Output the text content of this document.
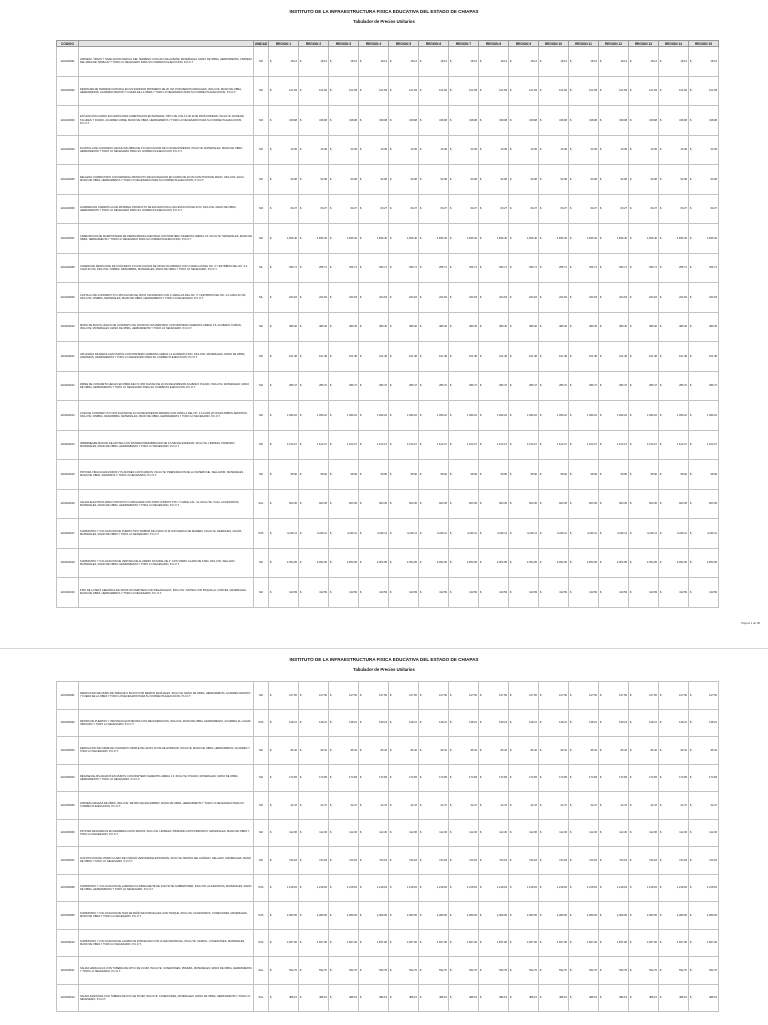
INSTITUTO DE LA INFRAESTRUCTURA FISICA EDUCATIVA DEL ESTADO DE CHIAPAS
Tabulador de Precios Unitarios
CODIGO		UNIDAD	REGION 1	REGION 2	REGION 3	REGION 4	REGION 5	REGION 6	REGION 7	REGION 8	REGION 9	REGION 10	REGION 11	REGION 12	REGION 13	REGION 14	REGION 15
1101020001	LIMPIEZA, TRAZO Y NIVELACION MANUAL DEL TERRENO CON HILO DE ALBAÑIL MATERIALES, MANO DE OBRA, HERRAMIENTA, LIMPIEZA DEL AREA DE TRABAJO Y TODO LO NECESARIO PARA SU CORRECTA EJECUCION, P.U.O.T.	M2	$ 18.14	$ 18.14	$ 18.14	$ 18.14	$ 18.14	$ 18.14	$ 18.14	$ 18.14	$ 18.14	$ 18.14	$ 18.14	$ 18.14	$ 18.14	$ 18.14	$ 18.14
1101020002	DESPALME DE TERRENO NATURAL EN UN ESPESOR PROMEDIO DE 20 CM, POR MEDIOS MANUALES. INCLUYE: MANO DE OBRA, HERRAMIENTA, ACARREO DENTRO Y FUERA DE LA OBRA Y TODO LO NECESARIO PARA SU CORRECTA EJECUCION, P.U.O.T.	M2	$ 121.69	$ 121.69	$ 121.69	$ 121.69	$ 121.69	$ 121.69	$ 121.69	$ 121.69	$ 121.69	$ 121.69	$ 121.69	$ 121.69	$ 121.69	$ 121.69	$ 121.69
1101020003	EXCAVACION A MANO EN CEPAS PARA CIMENTACION EN MATERIAL TIPO I DE 0.00 A 2.00 M DE PROFUNDIDAD, INCLUYE: AFINE DE TALUDES Y FONDO, ACARREO LIBRE, MANO DE OBRA, HERRAMIENTA Y TODO LO NECESARIO PARA SU CORRECTA EJECUCION, P.U.O.T.	M3	$ 318.98	$ 318.98	$ 318.98	$ 318.98	$ 318.98	$ 318.98	$ 318.98	$ 318.98	$ 318.98	$ 318.98	$ 318.98	$ 318.98	$ 318.98	$ 318.98	$ 318.98
1101020004	PLANTILLA DE CONCRETO HECHO EN OBRA DE F'C=100 KG/CM2 DE 5 CM DE ESPESOR, INCLUYE: MATERIALES, MANO DE OBRA, HERRAMIENTA Y TODO LO NECESARIO PARA SU CORRECTA EJECUCION, P.U.O.T.	M2	$ 43.39	$ 43.39	$ 43.39	$ 43.39	$ 43.39	$ 43.39	$ 43.39	$ 43.39	$ 43.39	$ 43.39	$ 43.39	$ 43.39	$ 43.39	$ 43.39	$ 43.39
1101020005	RELLENO COMPACTADO CON MATERIAL PRODUCTO DE EXCAVACION EN CAPAS DE 20 CM CON PISON DE MANO, INCLUYE: AGUA, MANO DE OBRA, HERRAMIENTA Y TODO LO NECESARIO PARA SU CORRECTA EJECUCION, P.U.O.T.	M3	$ 94.08	$ 94.08	$ 94.08	$ 94.08	$ 94.08	$ 94.08	$ 94.08	$ 94.08	$ 94.08	$ 94.08	$ 94.08	$ 94.08	$ 94.08	$ 94.08	$ 94.08
1101020006	ACARREO EN CARRETILLA DE MATERIAL PRODUCTO DE EXCAVACION A UNA ESTACION DE 20 M, INCLUYE: MANO DE OBRA, HERRAMIENTA Y TODO LO NECESARIO PARA SU CORRECTA EJECUCION, P.U.O.T.	M3	$ 60.27	$ 60.27	$ 60.27	$ 60.27	$ 60.27	$ 60.27	$ 60.27	$ 60.27	$ 60.27	$ 60.27	$ 60.27	$ 60.27	$ 60.27	$ 60.27	$ 60.27
1101020007	CIMENTACION DE MAMPOSTERIA DE PIEDRA BRAZA ASENTADA CON MORTERO CEMENTO-ARENA 1:5, INCLUYE: MATERIALES, MANO DE OBRA, HERRAMIENTA Y TODO LO NECESARIO PARA SU CORRECTA EJECUCION, P.U.O.T.	M3	$ 1,835.46	$ 1,835.46	$ 1,835.46	$ 1,835.46	$ 1,835.46	$ 1,835.46	$ 1,835.46	$ 1,835.46	$ 1,835.46	$ 1,835.46	$ 1,835.46	$ 1,835.46	$ 1,835.46	$ 1,835.46	$ 1,835.46
1101020008	CADENA DE DESPLANTE DE CONCRETO F'C=200 KG/CM2 DE 15X20 CM ARMADA CON 4 VARILLAS DEL NO. 3 Y ESTRIBOS DEL NO. 2 A CADA 20 CM, INCLUYE: CIMBRA, DESCIMBRA, MATERIALES, MANO DE OBRA Y TODO LO NECESARIO, P.U.O.T.	ML	$ 256.71	$ 256.71	$ 256.71	$ 256.71	$ 256.71	$ 256.71	$ 256.71	$ 256.71	$ 256.71	$ 256.71	$ 256.71	$ 256.71	$ 256.71	$ 256.71	$ 256.71
1101020009	CASTILLO DE CONCRETO F'C=150 KG/CM2 DE 15X15 CM ARMADO CON 4 VARILLAS DEL NO. 3 Y ESTRIBOS DEL NO. 2 A CADA 20 CM, INCLUYE: CIMBRA, MATERIALES, MANO DE OBRA, HERRAMIENTA Y TODO LO NECESARIO, P.U.O.T.	ML	$ 224.63	$ 224.63	$ 224.63	$ 224.63	$ 224.63	$ 224.63	$ 224.63	$ 224.63	$ 224.63	$ 224.63	$ 224.63	$ 224.63	$ 224.63	$ 224.63	$ 224.63
1101020010	MURO DE BLOCK HUECO DE CONCRETO DE 15X20X40 CM ASENTADO CON MORTERO CEMENTO-ARENA 1:5, ACABADO COMUN, INCLUYE: MATERIALES, MANO DE OBRA, HERRAMIENTA Y TODO LO NECESARIO, P.U.O.T.	M2	$ 389.40	$ 389.40	$ 389.40	$ 389.40	$ 389.40	$ 389.40	$ 389.40	$ 389.40	$ 389.40	$ 389.40	$ 389.40	$ 389.40	$ 389.40	$ 389.40	$ 389.40
1101020011	APLANADO DE MEZCLA EN MUROS CON MORTERO CEMENTO-ARENA 1:4 ACABADO FINO, INCLUYE: MATERIALES, MANO DE OBRA, ANDAMIOS, HERRAMIENTA Y TODO LO NECESARIO PARA SU CORRECTA EJECUCION, P.U.O.T.	M2	$ 161.48	$ 161.48	$ 161.48	$ 161.48	$ 161.48	$ 161.48	$ 161.48	$ 161.48	$ 161.48	$ 161.48	$ 161.48	$ 161.48	$ 161.48	$ 161.48	$ 161.48
1101020012	FIRME DE CONCRETO HECHO EN OBRA DE F'C=150 KG/CM2 DE 10 CM DE ESPESOR ACABADO PULIDO, INCLUYE: MATERIALES, MANO DE OBRA, HERRAMIENTA Y TODO LO NECESARIO PARA SU CORRECTA EJECUCION, P.U.O.T.	M2	$ 286.47	$ 286.47	$ 286.47	$ 286.47	$ 286.47	$ 286.47	$ 286.47	$ 286.47	$ 286.47	$ 286.47	$ 286.47	$ 286.47	$ 286.47	$ 286.47	$ 286.47
1101020013	LOSA DE CONCRETO F'C=200 KG/CM2 DE 10 CM DE ESPESOR ARMADA CON VARILLA DEL NO. 3 A CADA 20 CM EN AMBOS SENTIDOS, INCLUYE: CIMBRA, DESCIMBRA, MATERIALES, MANO DE OBRA, HERRAMIENTA Y TODO LO NECESARIO, P.U.O.T.	M2	$ 1,096.22	$ 1,096.22	$ 1,096.22	$ 1,096.22	$ 1,096.22	$ 1,096.22	$ 1,096.22	$ 1,096.22	$ 1,096.22	$ 1,096.22	$ 1,096.22	$ 1,096.22	$ 1,096.22	$ 1,096.22	$ 1,096.22
1101020014	IMPERMEABILIZACION DE AZOTEA CON SISTEMA PREFABRICADO DE 3.5 MM DE ESPESOR, INCLUYE: LIMPIEZA, PRIMARIO, MATERIALES, MANO DE OBRA, HERRAMIENTA Y TODO LO NECESARIO, P.U.O.T.	M2	$ 1,614.27	$ 1,614.27	$ 1,614.27	$ 1,614.27	$ 1,614.27	$ 1,614.27	$ 1,614.27	$ 1,614.27	$ 1,614.27	$ 1,614.27	$ 1,614.27	$ 1,614.27	$ 1,614.27	$ 1,614.27	$ 1,614.27
1101020015	PINTURA VINILICA EN MUROS Y PLAFONES A DOS MANOS, INCLUYE: PREPARACION DE LA SUPERFICIE, SELLADOR, MATERIALES, MANO DE OBRA, ANDAMIOS Y TODO LO NECESARIO, P.U.O.T.	M2	$ 58.96	$ 58.96	$ 58.96	$ 58.96	$ 58.96	$ 58.96	$ 58.96	$ 58.96	$ 58.96	$ 58.96	$ 58.96	$ 58.96	$ 58.96	$ 58.96	$ 58.96
1101020016	SALIDA ELECTRICA PARA CONTACTO O APAGADOR CON TUBO CONDUIT PVC Y CABLE CAL. 12, INCLUYE: CAJA, ACCESORIOS, MATERIALES, MANO DE OBRA, HERRAMIENTA Y TODO LO NECESARIO, P.U.O.T.	SAL	$ 603.35	$ 603.35	$ 603.35	$ 603.35	$ 603.35	$ 603.35	$ 603.35	$ 603.35	$ 603.35	$ 603.35	$ 603.35	$ 603.35	$ 603.35	$ 603.35	$ 603.35
1101020017	SUMINISTRO Y COLOCACION DE PUERTA TIPO TAMBOR DE 0.90X2.10 M CON MARCO DE MADERA, INCLUYE: HERRAJES, CHAPA, MATERIALES, MANO DE OBRA Y TODO LO NECESARIO, P.U.O.T.	PZA	$ 3,246.11	$ 3,246.11	$ 3,246.11	$ 3,246.11	$ 3,246.11	$ 3,246.11	$ 3,246.11	$ 3,246.11	$ 3,246.11	$ 3,246.11	$ 3,246.11	$ 3,246.11	$ 3,246.11	$ 3,246.11	$ 3,246.11
1101020018	SUMINISTRO Y COLOCACION DE VENTANA DE ALUMINIO NATURAL DE 2" CON VIDRIO CLARO DE 6 MM, INCLUYE: SELLADO, MATERIALES, MANO DE OBRA, HERRAMIENTA Y TODO LO NECESARIO, P.U.O.T.	M2	$ 2,054.95	$ 2,054.95	$ 2,054.95	$ 2,054.95	$ 2,054.95	$ 2,054.95	$ 2,054.95	$ 2,054.95	$ 2,054.95	$ 2,054.95	$ 2,054.95	$ 2,054.95	$ 2,054.95	$ 2,054.95	$ 2,054.95
1101020019	PISO DE LOSETA CERAMICA DE 33X33 CM ASENTADA CON PEGAZULEJO, INCLUYE: JUNTEO CON BOQUILLA, CORTES, MATERIALES, MANO DE OBRA, HERRAMIENTA Y TODO LO NECESARIO, P.U.O.T.	M2	$ 413.59	$ 413.59	$ 413.59	$ 413.59	$ 413.59	$ 413.59	$ 413.59	$ 413.59	$ 413.59	$ 413.59	$ 413.59	$ 413.59	$ 413.59	$ 413.59	$ 413.59
Página 1 de 98
INSTITUTO DE LA INFRAESTRUCTURA FISICA EDUCATIVA DEL ESTADO DE CHIAPAS
Tabulador de Precios Unitarios
1101030001	DEMOLICION DE MURO DE TABIQUE O BLOCK POR MEDIOS MANUALES, INCLUYE: MANO DE OBRA, HERRAMIENTA, ACARREO DENTRO Y FUERA DE LA OBRA Y TODO LO NECESARIO PARA SU CORRECTA EJECUCION, P.U.O.T.	M2	$ 127.56	$ 127.56	$ 127.56	$ 127.56	$ 127.56	$ 127.56	$ 127.56	$ 127.56	$ 127.56	$ 127.56	$ 127.56	$ 127.56	$ 127.56	$ 127.56	$ 127.56
1101030002	RETIRO DE PUERTAS Y VENTANAS EXISTENTES CON RECUPERACION, INCLUYE: MANO DE OBRA, HERRAMIENTA, ACARREO AL LUGAR INDICADO Y TODO LO NECESARIO, P.U.O.T.	PZA	$ 148.21	$ 148.21	$ 148.21	$ 148.21	$ 148.21	$ 148.21	$ 148.21	$ 148.21	$ 148.21	$ 148.21	$ 148.21	$ 148.21	$ 148.21	$ 148.21	$ 148.21
1101030003	DEMOLICION DE FIRME DE CONCRETO SIMPLE DE HASTA 10 CM DE ESPESOR, INCLUYE: MANO DE OBRA, HERRAMIENTA, ACARREO Y TODO LO NECESARIO, P.U.O.T.	M2	$ 96.42	$ 96.42	$ 96.42	$ 96.42	$ 96.42	$ 96.42	$ 96.42	$ 96.42	$ 96.42	$ 96.42	$ 96.42	$ 96.42	$ 96.42	$ 96.42	$ 96.42
1101030004	RESANE DE APLANADOS EN MUROS CON MORTERO CEMENTO-ARENA 1:4, INCLUYE: PICADO, MATERIALES, MANO DE OBRA, HERRAMIENTA Y TODO LO NECESARIO, P.U.O.T.	M2	$ 174.83	$ 174.83	$ 174.83	$ 174.83	$ 174.83	$ 174.83	$ 174.83	$ 174.83	$ 174.83	$ 174.83	$ 174.83	$ 174.83	$ 174.83	$ 174.83	$ 174.83
1101030005	LIMPIEZA GRUESA DE OBRA, INCLUYE: RETIRO DE ESCOMBRO, MANO DE OBRA, HERRAMIENTA Y TODO LO NECESARIO PARA SU CORRECTA EJECUCION, P.U.O.T.	M2	$ 22.47	$ 22.47	$ 22.47	$ 22.47	$ 22.47	$ 22.47	$ 22.47	$ 22.47	$ 22.47	$ 22.47	$ 22.47	$ 22.47	$ 22.47	$ 22.47	$ 22.47
1101030006	PINTURA DE ESMALTE EN HERRERIA A DOS MANOS, INCLUYE: LIMPIEZA, PRIMARIO ANTICORROSIVO, MATERIALES, MANO DE OBRA Y TODO LO NECESARIO, P.U.O.T.	M2	$ 112.30	$ 112.30	$ 112.30	$ 112.30	$ 112.30	$ 112.30	$ 112.30	$ 112.30	$ 112.30	$ 112.30	$ 112.30	$ 112.30	$ 112.30	$ 112.30	$ 112.30
1101030007	SUSTITUCION DE VIDRIO CLARO DE 6 MM EN VENTANERIA EXISTENTE, INCLUYE: RETIRO DEL DAÑADO, SELLADO, MATERIALES, MANO DE OBRA Y TODO LO NECESARIO, P.U.O.T.	M2	$ 744.18	$ 744.18	$ 744.18	$ 744.18	$ 744.18	$ 744.18	$ 744.18	$ 744.18	$ 744.18	$ 744.18	$ 744.18	$ 744.18	$ 744.18	$ 744.18	$ 744.18
1101030008	SUMINISTRO Y COLOCACION DE LAMPARA FLUORESCENTE DE 2X32 W DE SOBREPONER, INCLUYE: ACCESORIOS, MATERIALES, MANO DE OBRA, HERRAMIENTA Y TODO LO NECESARIO, P.U.O.T.	PZA	$ 1,218.64	$ 1,218.64	$ 1,218.64	$ 1,218.64	$ 1,218.64	$ 1,218.64	$ 1,218.64	$ 1,218.64	$ 1,218.64	$ 1,218.64	$ 1,218.64	$ 1,218.64	$ 1,218.64	$ 1,218.64	$ 1,218.64
1101030009	SUMINISTRO Y COLOCACION DE TAZA DE BAÑO DE PORCELANA CON TANQUE, INCLUYE: ACCESORIOS, CONEXIONES, MATERIALES, MANO DE OBRA Y TODO LO NECESARIO, P.U.O.T.	PZA	$ 2,389.05	$ 2,389.05	$ 2,389.05	$ 2,389.05	$ 2,389.05	$ 2,389.05	$ 2,389.05	$ 2,389.05	$ 2,389.05	$ 2,389.05	$ 2,389.05	$ 2,389.05	$ 2,389.05	$ 2,389.05	$ 2,389.05
1101030010	SUMINISTRO Y COLOCACION DE LAVABO DE PORCELANA CON LLAVE INDIVIDUAL, INCLUYE: CESPOL, CONEXIONES, MATERIALES, MANO DE OBRA Y TODO LO NECESARIO, P.U.O.T.	PZA	$ 1,657.90	$ 1,657.90	$ 1,657.90	$ 1,657.90	$ 1,657.90	$ 1,657.90	$ 1,657.90	$ 1,657.90	$ 1,657.90	$ 1,657.90	$ 1,657.90	$ 1,657.90	$ 1,657.90	$ 1,657.90	$ 1,657.90
1101030011	SALIDA HIDRAULICA CON TUBERIA DE CPVC DE 13 MM, INCLUYE: CONEXIONES, PRUEBA, MATERIALES, MANO DE OBRA, HERRAMIENTA Y TODO LO NECESARIO, P.U.O.T.	SAL	$ 532.76	$ 532.76	$ 532.76	$ 532.76	$ 532.76	$ 532.76	$ 532.76	$ 532.76	$ 532.76	$ 532.76	$ 532.76	$ 532.76	$ 532.76	$ 532.76	$ 532.76
1101030012	SALIDA SANITARIA CON TUBERIA DE PVC DE 50 MM, INCLUYE: CONEXIONES, MATERIALES, MANO DE OBRA, HERRAMIENTA Y TODO LO NECESARIO, P.U.O.T.	SAL	$ 486.19	$ 486.19	$ 486.19	$ 486.19	$ 486.19	$ 486.19	$ 486.19	$ 486.19	$ 486.19	$ 486.19	$ 486.19	$ 486.19	$ 486.19	$ 486.19	$ 486.19
